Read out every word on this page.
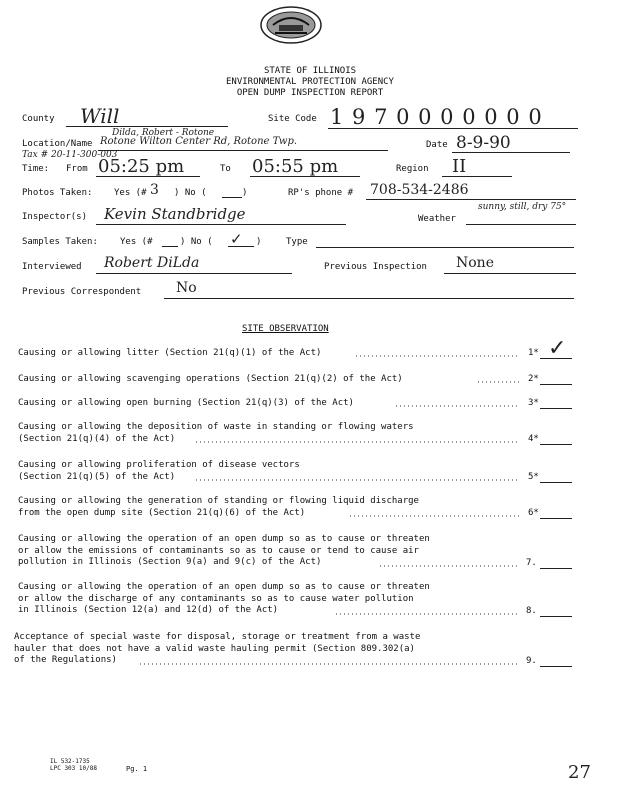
STATE OF ILLINOIS
ENVIRONMENTAL PROTECTION AGENCY
OPEN DUMP INSPECTION REPORT
County Will	Site Code 1 9 7 0 0 0 0 0 0 0
Dilda, Robert - Rotone
Location/Name Rotone Wilton Center Rd, Rotone Twp.	Date 8-9-90
Tax # 20-11-300-003
Time: From 05:25 pm	To 05:55 pm	Region II
Photos Taken: Yes (# 3 ) No (	)	RP's phone # 708-534-2486
Inspector(s) Kevin Standbridge	Weather
sunny, still, dry 75°
Samples Taken: Yes (#	) No ( ✓ )	Type
Interviewed Robert DiLda	Previous Inspection None
Previous Correspondent No
SITE OBSERVATION
Causing or allowing litter (Section 21(q)(1) of the Act)	1* ✓
Causing or allowing scavenging operations (Section 21(q)(2) of the Act)	2*
Causing or allowing open burning (Section 21(q)(3) of the Act)	3*
Causing or allowing the deposition of waste in standing or flowing waters
(Section 21(q)(4) of the Act)	4*
Causing or allowing proliferation of disease vectors
(Section 21(q)(5) of the Act)	5*
Causing or allowing the generation of standing or flowing liquid discharge
from the open dump site (Section 21(q)(6) of the Act)	6*
Causing or allowing the operation of an open dump so as to cause or threaten
or allow the emissions of contaminants so as to cause or tend to cause air
pollution in Illinois (Section 9(a) and 9(c) of the Act)	7.
Causing or allowing the operation of an open dump so as to cause or threaten
or allow the discharge of any contaminants so as to cause water pollution
in Illinois (Section 12(a) and 12(d) of the Act)	8.
Acceptance of special waste for disposal, storage or treatment from a waste
hauler that does not have a valid waste hauling permit (Section 809.302(a)
of the Regulations)	9.
IL 532-1735
LPC 303 10/88	Pg. 1	27
